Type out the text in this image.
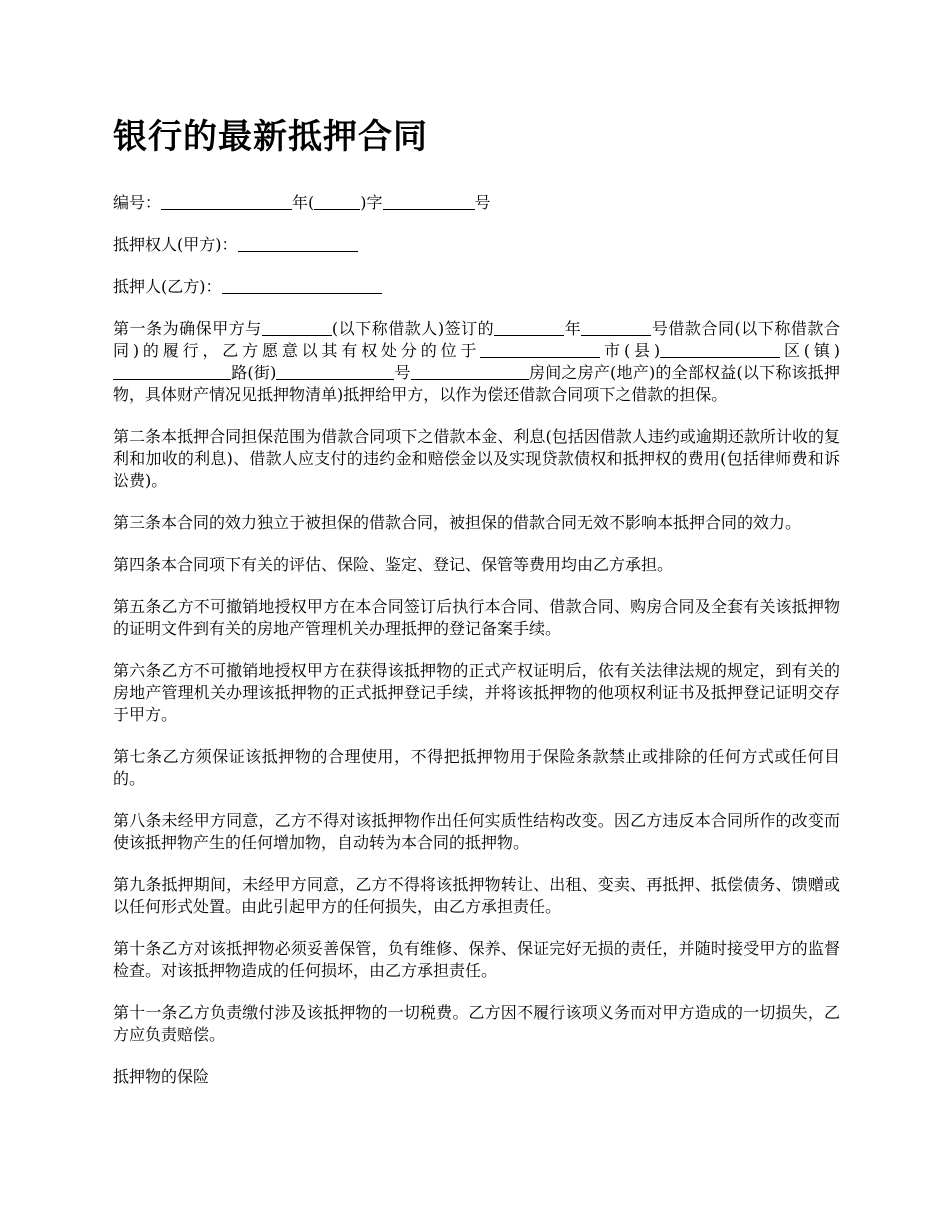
银行的最新抵押合同

编号：	年(	)字	号

抵押权人(甲方)：

抵押人(乙方)：

第一条为确保甲方与	(以下称借款人)签订的	年	号借款合同(以下称借款合同)的履行，乙方愿意以其有权处分的位于	市(县)	区(镇)路(街)	号	房间之房产(地产)的全部权益(以下称该抵押物，具体财产情况见抵押物清单)抵押给甲方，以作为偿还借款合同项下之借款的担保。

第二条本抵押合同担保范围为借款合同项下之借款本金、利息(包括因借款人违约或逾期还款所计收的复利和加收的利息)、借款人应支付的违约金和赔偿金以及实现贷款债权和抵押权的费用(包括律师费和诉讼费)。

第三条本合同的效力独立于被担保的借款合同，被担保的借款合同无效不影响本抵押合同的效力。

第四条本合同项下有关的评估、保险、鉴定、登记、保管等费用均由乙方承担。

第五条乙方不可撤销地授权甲方在本合同签订后执行本合同、借款合同、购房合同及全套有关该抵押物的证明文件到有关的房地产管理机关办理抵押的登记备案手续。

第六条乙方不可撤销地授权甲方在获得该抵押物的正式产权证明后，依有关法律法规的规定，到有关的房地产管理机关办理该抵押物的正式抵押登记手续，并将该抵押物的他项权利证书及抵押登记证明交存于甲方。

第七条乙方须保证该抵押物的合理使用，不得把抵押物用于保险条款禁止或排除的任何方式或任何目的。

第八条未经甲方同意，乙方不得对该抵押物作出任何实质性结构改变。因乙方违反本合同所作的改变而使该抵押物产生的任何增加物，自动转为本合同的抵押物。

第九条抵押期间，未经甲方同意，乙方不得将该抵押物转让、出租、变卖、再抵押、抵偿债务、馈赠或以任何形式处置。由此引起甲方的任何损失，由乙方承担责任。

第十条乙方对该抵押物必须妥善保管，负有维修、保养、保证完好无损的责任，并随时接受甲方的监督检查。对该抵押物造成的任何损坏，由乙方承担责任。

第十一条乙方负责缴付涉及该抵押物的一切税费。乙方因不履行该项义务而对甲方造成的一切损失，乙方应负责赔偿。

抵押物的保险
